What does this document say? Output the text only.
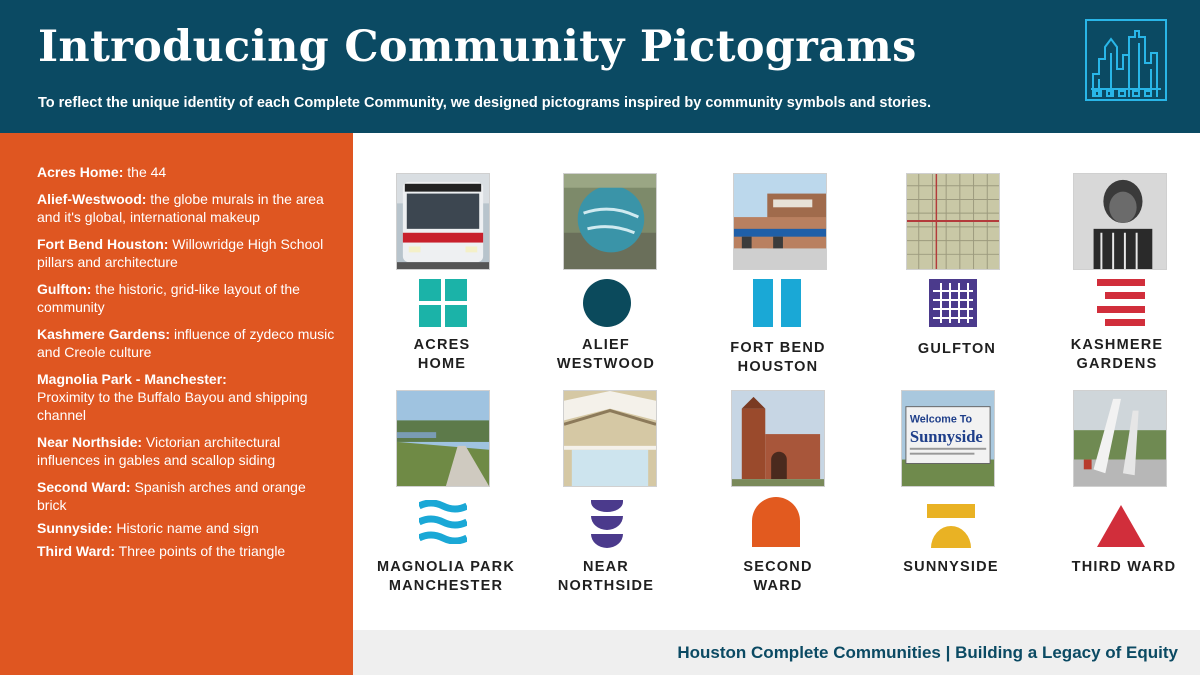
Introducing Community Pictograms

To reflect the unique identity of each Complete Community, we designed pictograms inspired by community symbols and stories.

Acres Home: the 44
Alief-Westwood: the globe murals in the area and it's global, international makeup
Fort Bend Houston: Willowridge High School pillars and architecture
Gulfton: the historic, grid-like layout of the community
Kashmere Gardens: influence of zydeco music and Creole culture
Magnolia Park - Manchester:
Proximity to the Buffalo Bayou and shipping channel
Near Northside: Victorian architectural influences in gables and scallop siding
Second Ward: Spanish arches and orange brick
Sunnyside: Historic name and sign
Third Ward: Three points of the triangle
ACRES
HOME
ALIEF
WESTWOOD
FORT BEND
HOUSTON
GULFTON	KASHMERE
GARDENS
MAGNOLIA PARK
MANCHESTER
NEAR
NORTHSIDE
SECOND
WARD
Welcome To
Sunnyside
SUNNYSIDE	THIRD WARD
Houston Complete Communities | Building a Legacy of Equity
